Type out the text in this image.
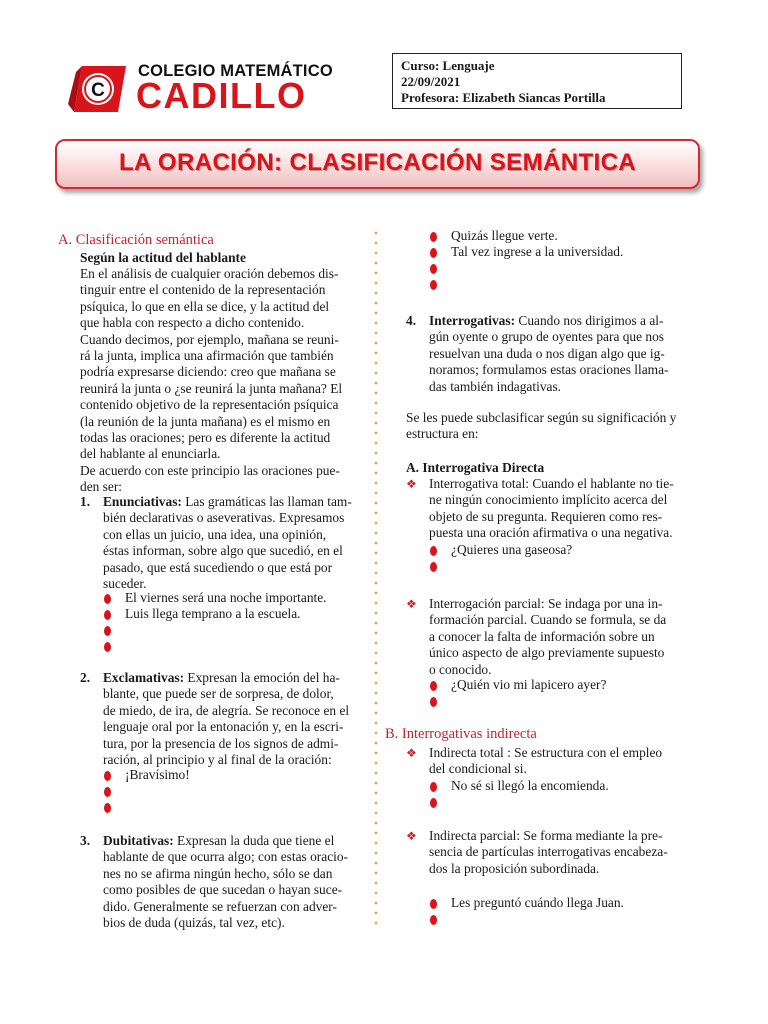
C
COLEGIO MATEMÁTICO
CADILLO
Curso: Lenguaje
22/09/2021
Profesora: Elizabeth Siancas Portilla
LA ORACIÓN: CLASIFICACIÓN SEMÁNTICA
A. Clasificación semántica
Según la actitud del hablante
En el análisis de cualquier oración debemos dis-
tinguir entre el contenido de la representación
psíquica, lo que en ella se dice, y la actitud del
que habla con respecto a dicho contenido.
Cuando decimos, por ejemplo, mañana se reuni-
rá la junta, implica una afirmación que también
podría expresarse diciendo: creo que mañana se
reunirá la junta o ¿se reunirá la junta mañana? El
contenido objetivo de la representación psíquica
(la reunión de la junta mañana) es el mismo en
todas las oraciones; pero es diferente la actitud
del hablante al enunciarla.
De acuerdo con este principio las oraciones pue-
den ser:
1. Enunciativas: Las gramáticas las llaman tam-
bién declarativas o aseverativas. Expresamos
con ellas un juicio, una idea, una opinión,
éstas informan, sobre algo que sucedió, en el
pasado, que está sucediendo o que está por
suceder.
El viernes será una noche importante.
Luis llega temprano a la escuela.
2. Exclamativas: Expresan la emoción del ha-
blante, que puede ser de sorpresa, de dolor,
de miedo, de ira, de alegría. Se reconoce en el
lenguaje oral por la entonación y, en la escri-
tura, por la presencia de los signos de admi-
ración, al principio y al final de la oración:
¡Bravísimo!
3. Dubitativas: Expresan la duda que tiene el
hablante de que ocurra algo; con estas oracio-
nes no se afirma ningún hecho, sólo se dan
como posibles de que sucedan o hayan suce-
dido. Generalmente se refuerzan con adver-
bios de duda (quizás, tal vez, etc).
Quizás llegue verte.
Tal vez ingrese a la universidad.
4. Interrogativas: Cuando nos dirigimos a al-
gún oyente o grupo de oyentes para que nos
resuelvan una duda o nos digan algo que ig-
noramos; formulamos estas oraciones llama-
das también indagativas.
Se les puede subclasificar según su significación y
estructura en:
A. Interrogativa Directa
❖ Interrogativa total: Cuando el hablante no tie-
ne ningún conocimiento implícito acerca del
objeto de su pregunta. Requieren como res-
puesta una oración afirmativa o una negativa.
¿Quieres una gaseosa?
❖ Interrogación parcial: Se indaga por una in-
formación parcial. Cuando se formula, se da
a conocer la falta de información sobre un
único aspecto de algo previamente supuesto
o conocido.
¿Quién vio mi lapicero ayer?
B. Interrogativas indirecta
❖ Indirecta total : Se estructura con el empleo
del condicional si.
No sé si llegó la encomienda.
❖ Indirecta parcial: Se forma mediante la pre-
sencia de partículas interrogativas encabeza-
dos la proposición subordinada.
Les preguntó cuándo llega Juan.
